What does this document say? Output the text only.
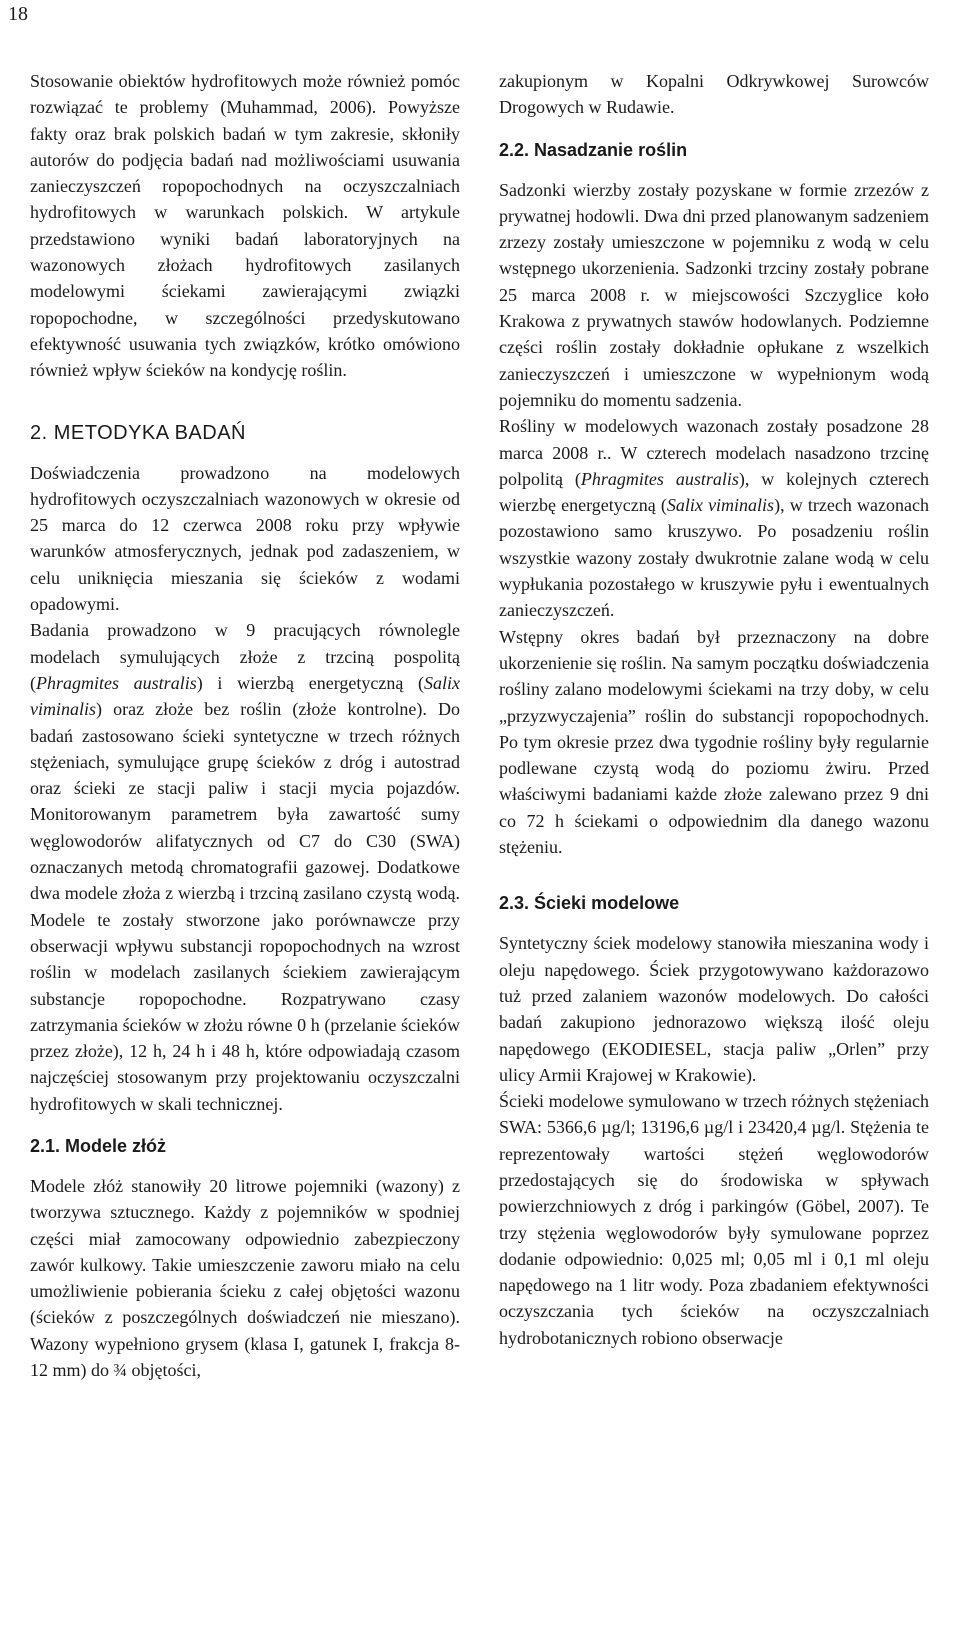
18

Stosowanie obiektów hydrofitowych może również pomóc rozwiązać te problemy (Muhammad, 2006). Powyższe fakty oraz brak polskich badań w tym zakresie, skłoniły autorów do podjęcia badań nad możliwościami usuwania zanieczyszczeń ropopochodnych na oczyszczalniach hydrofitowych w warunkach polskich. W artykule przedstawiono wyniki badań laboratoryjnych na wazonowych złożach hydrofitowych zasilanych modelowymi ściekami zawierającymi związki ropopochodne, w szczególności przedyskutowano efektywność usuwania tych związków, krótko omówiono również wpływ ścieków na kondycję roślin.

2. METODYKA BADAŃ

Doświadczenia prowadzono na modelowych hydrofitowych oczyszczalniach wazonowych w okresie od 25 marca do 12 czerwca 2008 roku przy wpływie warunków atmosferycznych, jednak pod zadaszeniem, w celu uniknięcia mieszania się ścieków z wodami opadowymi.

Badania prowadzono w 9 pracujących równolegle modelach symulujących złoże z trzciną pospolitą (Phragmites australis) i wierzbą energetyczną (Salix viminalis) oraz złoże bez roślin (złoże kontrolne). Do badań zastosowano ścieki syntetyczne w trzech różnych stężeniach, symulujące grupę ścieków z dróg i autostrad oraz ścieki ze stacji paliw i stacji mycia pojazdów. Monitorowanym parametrem była zawartość sumy węglowodorów alifatycznych od C7 do C30 (SWA) oznaczanych metodą chromatografii gazowej. Dodatkowe dwa modele złoża z wierzbą i trzciną zasilano czystą wodą. Modele te zostały stworzone jako porównawcze przy obserwacji wpływu substancji ropopochodnych na wzrost roślin w modelach zasilanych ściekiem zawierającym substancje ropopochodne. Rozpatrywano czasy zatrzymania ścieków w złożu równe 0 h (przelanie ścieków przez złoże), 12 h, 24 h i 48 h, które odpowiadają czasom najczęściej stosowanym przy projektowaniu oczyszczalni hydrofitowych w skali technicznej.

2.1. Modele złóż

Modele złóż stanowiły 20 litrowe pojemniki (wazony) z tworzywa sztucznego. Każdy z pojemników w spodniej części miał zamocowany odpowiednio zabezpieczony zawór kulkowy. Takie umieszczenie zaworu miało na celu umożliwienie pobierania ścieku z całej objętości wazonu (ścieków z poszczególnych doświadczeń nie mieszano). Wazony wypełniono grysem (klasa I, gatunek I, frakcja 8-12 mm) do ¾ objętości,

zakupionym w Kopalni Odkrywkowej Surowców Drogowych w Rudawie.

2.2. Nasadzanie roślin

Sadzonki wierzby zostały pozyskane w formie zrzezów z prywatnej hodowli. Dwa dni przed planowanym sadzeniem zrzezy zostały umieszczone w pojemniku z wodą w celu wstępnego ukorzenienia. Sadzonki trzciny zostały pobrane 25 marca 2008 r. w miejscowości Szczyglice koło Krakowa z prywatnych stawów hodowlanych. Podziemne części roślin zostały dokładnie opłukane z wszelkich zanieczyszczeń i umieszczone w wypełnionym wodą pojemniku do momentu sadzenia.

Rośliny w modelowych wazonach zostały posadzone 28 marca 2008 r.. W czterech modelach nasadzono trzcinę polpolitą (Phragmites australis), w kolejnych czterech wierzbę energetyczną (Salix viminalis), w trzech wazonach pozostawiono samo kruszywo. Po posadzeniu roślin wszystkie wazony zostały dwukrotnie zalane wodą w celu wypłukania pozostałego w kruszywie pyłu i ewentualnych zanieczyszczeń.

Wstępny okres badań był przeznaczony na dobre ukorzenienie się roślin. Na samym początku doświadczenia rośliny zalano modelowymi ściekami na trzy doby, w celu „przyzwyczajenia” roślin do substancji ropopochodnych. Po tym okresie przez dwa tygodnie rośliny były regularnie podlewane czystą wodą do poziomu żwiru. Przed właściwymi badaniami każde złoże zalewano przez 9 dni co 72 h ściekami o odpowiednim dla danego wazonu stężeniu.

2.3. Ścieki modelowe

Syntetyczny ściek modelowy stanowiła mieszanina wody i oleju napędowego. Ściek przygotowywano każdorazowo tuż przed zalaniem wazonów modelowych. Do całości badań zakupiono jednorazowo większą ilość oleju napędowego (EKODIESEL, stacja paliw „Orlen” przy ulicy Armii Krajowej w Krakowie).

Ścieki modelowe symulowano w trzech różnych stężeniach SWA: 5366,6 µg/l; 13196,6 µg/l i 23420,4 µg/l. Stężenia te reprezentowały wartości stężeń węglowodorów przedostających się do środowiska w spływach powierzchniowych z dróg i parkingów (Göbel, 2007). Te trzy stężenia węglowodorów były symulowane poprzez dodanie odpowiednio: 0,025 ml; 0,05 ml i 0,1 ml oleju napędowego na 1 litr wody. Poza zbadaniem efektywności oczyszczania tych ścieków na oczyszczalniach hydrobotanicznych robiono obserwacje
